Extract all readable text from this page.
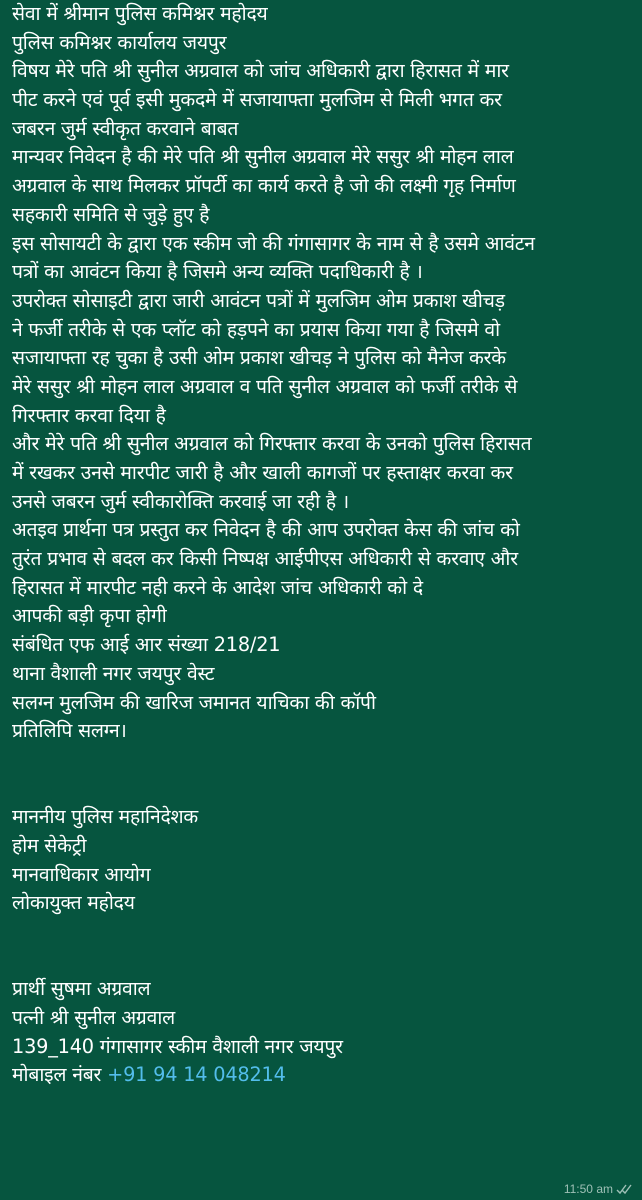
सेवा में श्रीमान पुलिस कमिश्नर महोदय
पुलिस कमिश्नर कार्यालय जयपुर
विषय मेरे पति श्री सुनील अग्रवाल को जांच अधिकारी द्वारा हिरासत में मार
पीट करने एवं पूर्व इसी मुकदमे में सजायाफ्ता मुलजिम से मिली भगत कर
जबरन जुर्म स्वीकृत करवाने बाबत
मान्यवर निवेदन है की मेरे पति श्री सुनील अग्रवाल मेरे ससुर श्री मोहन लाल
अग्रवाल के साथ मिलकर प्रॉपर्टी का कार्य करते है जो की लक्ष्मी गृह निर्माण
सहकारी समिति से जुड़े हुए है
इस सोसायटी के द्वारा एक स्कीम जो की गंगासागर के नाम से है उसमे आवंटन
पत्रों का आवंटन किया है जिसमे अन्य व्यक्ति पदाधिकारी है ।
उपरोक्त सोसाइटी द्वारा जारी आवंटन पत्रों में मुलजिम ओम प्रकाश खीचड़
ने फर्जी तरीके से एक प्लॉट को हड़पने का प्रयास किया गया है जिसमे वो
सजायाफ्ता रह चुका है उसी ओम प्रकाश खीचड़ ने पुलिस को मैनेज करके
मेरे ससुर श्री मोहन लाल अग्रवाल व पति सुनील अग्रवाल को फर्जी तरीके से
गिरफ्तार करवा दिया है
और मेरे पति श्री सुनील अग्रवाल को गिरफ्तार करवा के उनको पुलिस हिरासत
में रखकर उनसे मारपीट जारी है और खाली कागजों पर हस्ताक्षर करवा कर
उनसे जबरन जुर्म स्वीकारोक्ति करवाई जा रही है ।
अतइव प्रार्थना पत्र प्रस्तुत कर निवेदन है की आप उपरोक्त केस की जांच को
तुरंत प्रभाव से बदल कर किसी निष्पक्ष आईपीएस अधिकारी से करवाए और
हिरासत में मारपीट नही करने के आदेश जांच अधिकारी को दे
आपकी बड़ी कृपा होगी
संबंधित एफ आई आर संख्या 218/21
थाना वैशाली नगर जयपुर वेस्ट
सलग्न मुलजिम की खारिज जमानत याचिका की कॉपी
प्रतिलिपि सलग्न।
माननीय पुलिस महानिदेशक
होम सेकेट्री
मानवाधिकार आयोग
लोकायुक्त महोदय
प्रार्थी सुषमा अग्रवाल
पत्नी श्री सुनील अग्रवाल
139_140 गंगासागर स्कीम वैशाली नगर जयपुर
मोबाइल नंबर +91 94 14 048214
11:50 am
